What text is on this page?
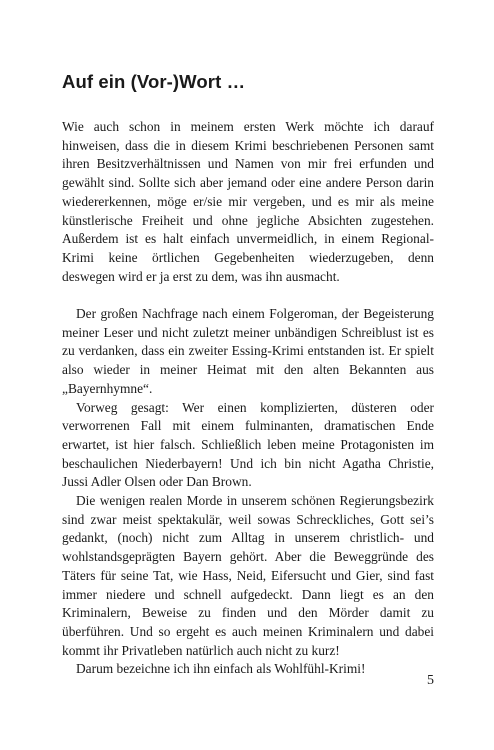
Auf ein (Vor-)Wort …

Wie auch schon in meinem ersten Werk möchte ich darauf hinweisen, dass die in diesem Krimi beschriebenen Personen samt ihren Besitzverhältnissen und Namen von mir frei erfunden und gewählt sind. Sollte sich aber jemand oder eine andere Person darin wiedererkennen, möge er/sie mir vergeben, und es mir als meine künstlerische Freiheit und ohne jegliche Absichten zugestehen. Außerdem ist es halt einfach unvermeidlich, in einem Regional-Krimi keine örtlichen Gegebenheiten wiederzugeben, denn deswegen wird er ja erst zu dem, was ihn ausmacht.

Der großen Nachfrage nach einem Folgeroman, der Begeisterung meiner Leser und nicht zuletzt meiner unbändigen Schreiblust ist es zu verdanken, dass ein zweiter Essing-Krimi entstanden ist. Er spielt also wieder in meiner Heimat mit den alten Bekannten aus „Bayernhymne“.

Vorweg gesagt: Wer einen komplizierten, düsteren oder verworrenen Fall mit einem fulminanten, dramatischen Ende erwartet, ist hier falsch. Schließlich leben meine Protagonisten im beschaulichen Niederbayern! Und ich bin nicht Agatha Christie, Jussi Adler Olsen oder Dan Brown.

Die wenigen realen Morde in unserem schönen Regierungsbezirk sind zwar meist spektakulär, weil sowas Schreckliches, Gott sei’s gedankt, (noch) nicht zum Alltag in unserem christlich- und wohlstandsgeprägten Bayern gehört. Aber die Beweggründe des Täters für seine Tat, wie Hass, Neid, Eifersucht und Gier, sind fast immer niedere und schnell aufgedeckt. Dann liegt es an den Kriminalern, Beweise zu finden und den Mörder damit zu überführen. Und so ergeht es auch meinen Kriminalern und dabei kommt ihr Privatleben natürlich auch nicht zu kurz!

Darum bezeichne ich ihn einfach als Wohlfühl-Krimi!

5
